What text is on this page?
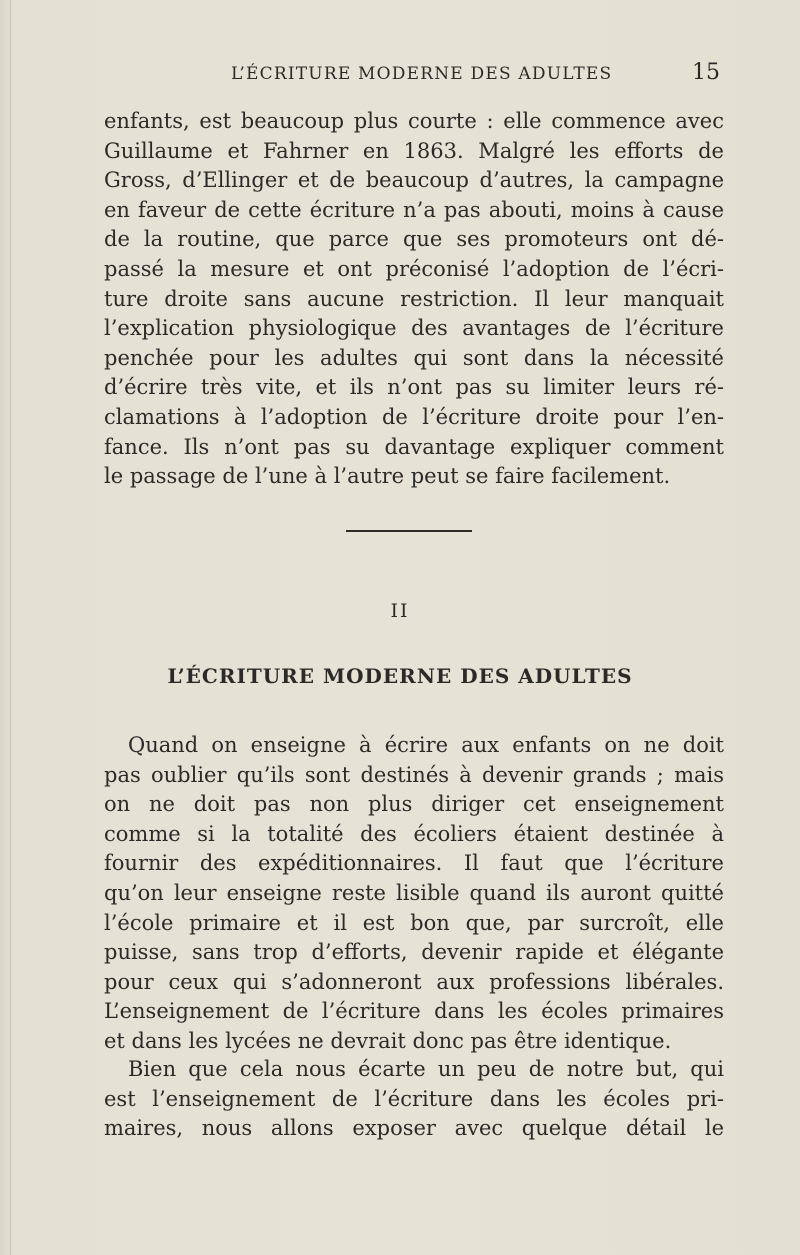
L’ÉCRITURE MODERNE DES ADULTES	15
enfants, est beaucoup plus courte : elle commence avec
Guillaume et Fahrner en 1863. Malgré les efforts de
Gross, d’Ellinger et de beaucoup d’autres, la campagne
en faveur de cette écriture n’a pas abouti, moins à cause
de la routine, que parce que ses promoteurs ont dé-
passé la mesure et ont préconisé l’adoption de l’écri-
ture droite sans aucune restriction. Il leur manquait
l’explication physiologique des avantages de l’écriture
penchée pour les adultes qui sont dans la nécessité
d’écrire très vite, et ils n’ont pas su limiter leurs ré-
clamations à l’adoption de l’écriture droite pour l’en-
fance. Ils n’ont pas su davantage expliquer comment
le passage de l’une à l’autre peut se faire facilement.
II
L’ÉCRITURE MODERNE DES ADULTES
Quand on enseigne à écrire aux enfants on ne doit
pas oublier qu’ils sont destinés à devenir grands ; mais
on ne doit pas non plus diriger cet enseignement
comme si la totalité des écoliers étaient destinée à
fournir des expéditionnaires. Il faut que l’écriture
qu’on leur enseigne reste lisible quand ils auront quitté
l’école primaire et il est bon que, par surcroît, elle
puisse, sans trop d’efforts, devenir rapide et élégante
pour ceux qui s’adonneront aux professions libérales.
L’enseignement de l’écriture dans les écoles primaires
et dans les lycées ne devrait donc pas être identique.
Bien que cela nous écarte un peu de notre but, qui
est l’enseignement de l’écriture dans les écoles pri-
maires, nous allons exposer avec quelque détail le
